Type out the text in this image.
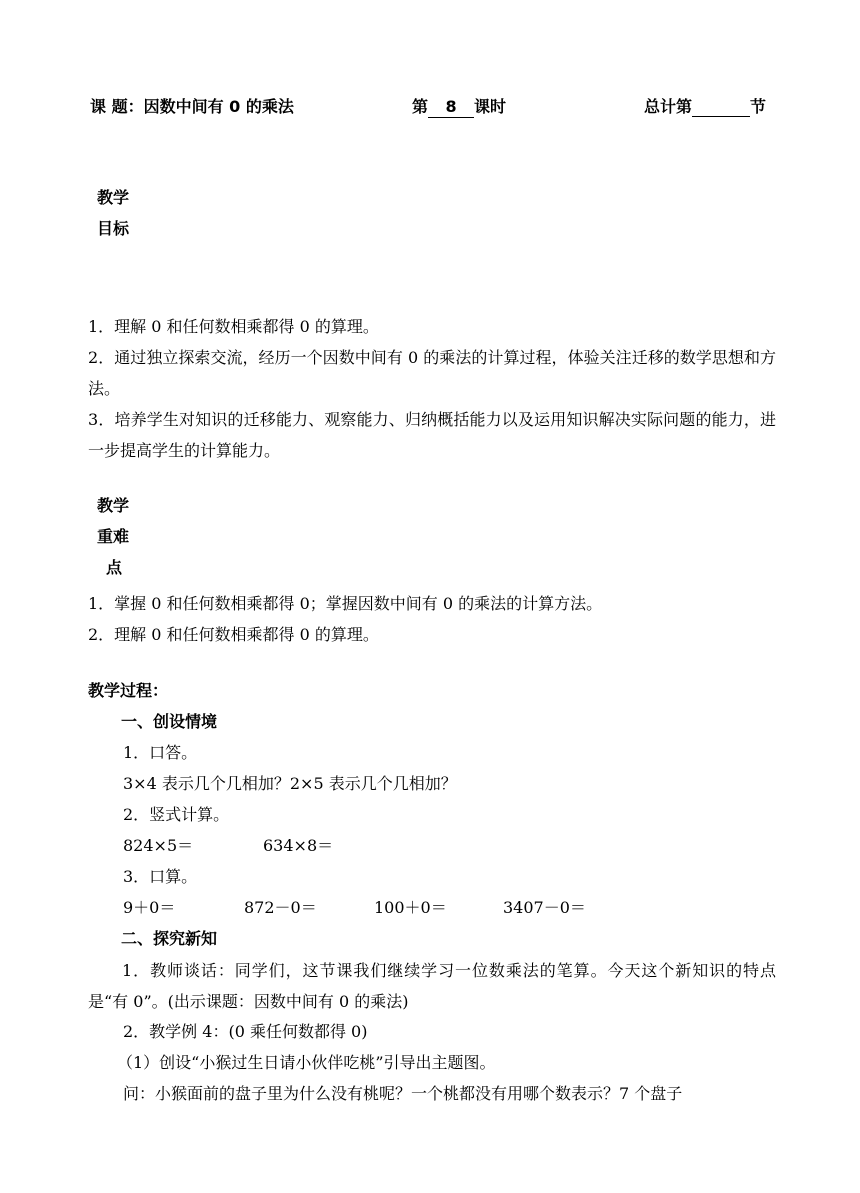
课 题：因数中间有 0 的乘法	第 8 课时	总计第	节
教学
目标
1．理解 0 和任何数相乘都得 0 的算理。
2．通过独立探索交流，经历一个因数中间有 0 的乘法的计算过程，体验关注迁移的数学思想和方法。
3．培养学生对知识的迁移能力、观察能力、归纳概括能力以及运用知识解决实际问题的能力，进一步提高学生的计算能力。
教学
重难
点
1．掌握 0 和任何数相乘都得 0；掌握因数中间有 0 的乘法的计算方法。
2．理解 0 和任何数相乘都得 0 的算理。
教学过程：
一、创设情境
1．口答。
3×4 表示几个几相加？2×5 表示几个几相加？
2．竖式计算。
824×5＝	634×8＝
3．口算。
9＋0＝	872－0＝	100＋0＝	3407－0＝
二、探究新知
1．教师谈话：同学们，这节课我们继续学习一位数乘法的笔算。今天这个新知识的特点是“有 0”。(出示课题：因数中间有 0 的乘法)
2．教学例 4：(0 乘任何数都得 0)
（1）创设“小猴过生日请小伙伴吃桃”引导出主题图。
问：小猴面前的盘子里为什么没有桃呢？一个桃都没有用哪个数表示？7 个盘子
